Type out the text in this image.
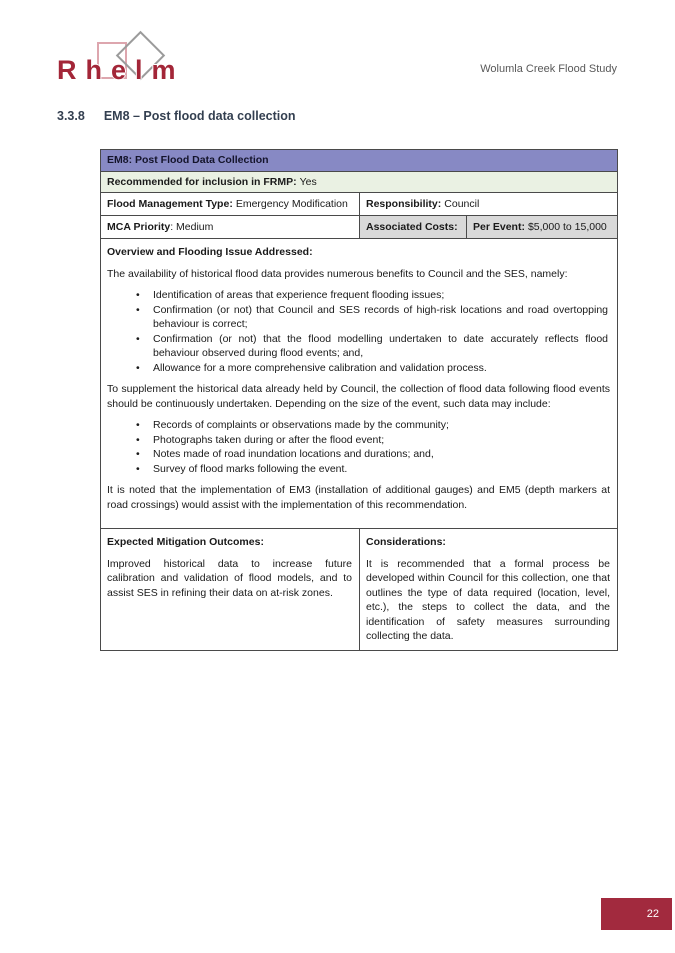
Rhelm	Wolumla Creek Flood Study
3.3.8 EM8 – Post flood data collection
EM8: Post Flood Data Collection
Recommended for inclusion in FRMP: Yes
Flood Management Type: Emergency Modification Responsibility: Council
MCA Priority: Medium	Associated Costs: Per Event: $5,000 to 15,000
Overview and Flooding Issue Addressed:
The availability of historical flood data provides numerous benefits to Council and the SES, namely:
•	Identification of areas that experience frequent flooding issues;
•	Confirmation (or not) that Council and SES records of high-risk locations and road overtopping behaviour is correct;
•	Confirmation (or not) that the flood modelling undertaken to date accurately reflects flood behaviour observed during flood events; and,
•	Allowance for a more comprehensive calibration and validation process.
To supplement the historical data already held by Council, the collection of flood data following flood events should be continuously undertaken. Depending on the size of the event, such data may include:
•	Records of complaints or observations made by the community;
•	Photographs taken during or after the flood event;
•	Notes made of road inundation locations and durations; and,
•	Survey of flood marks following the event.
It is noted that the implementation of EM3 (installation of additional gauges) and EM5 (depth markers at road crossings) would assist with the implementation of this recommendation.
Expected Mitigation Outcomes:
Improved historical data to increase future calibration and validation of flood models, and to assist SES in refining their data on at-risk zones.
Considerations:
It is recommended that a formal process be developed within Council for this collection, one that outlines the type of data required (location, level, etc.), the steps to collect the data, and the identification of safety measures surrounding collecting the data.
22
